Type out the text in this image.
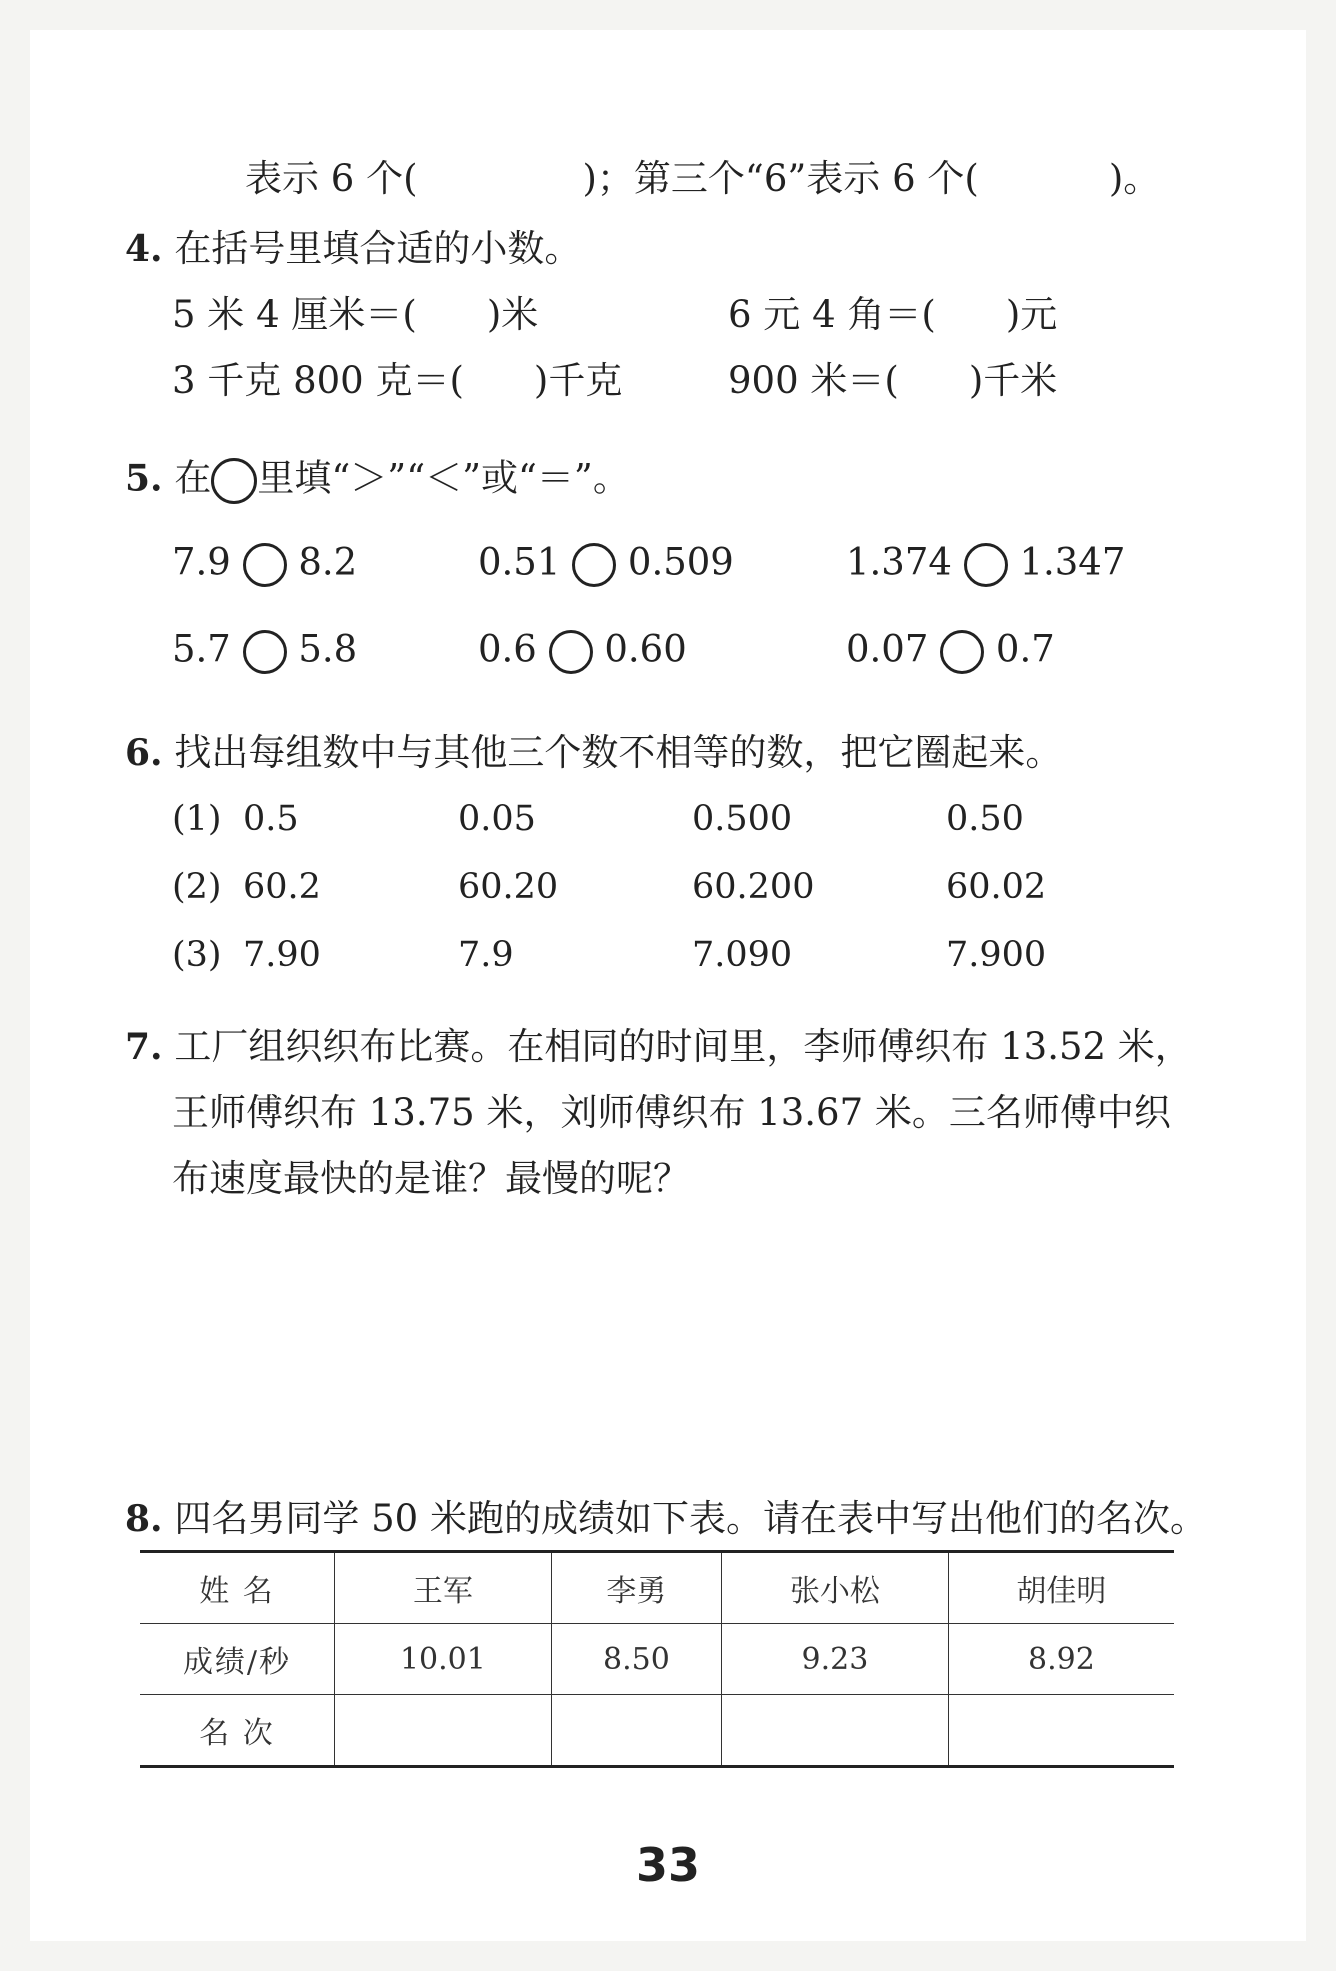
表示 6 个(	)；第三个“6”表示 6 个(	)。
4. 在括号里填合适的小数。
5 米 4 厘米＝( )米	6 元 4 角＝( )元
3 千克 800 克＝( )千克	900 米＝( )千米
5. 在 里填“＞”“＜”或“＝”。
7.9 8.2	0.51 0.509	1.374 1.347
5.7 5.8	0.6 0.60	0.07 0.7
6. 找出每组数中与其他三个数不相等的数，把它圈起来。
(1) 0.5	0.05	0.500	0.50
(2) 60.2	60.20	60.200	60.02
(3) 7.90	7.9	7.090	7.900
7. 工厂组织织布比赛。在相同的时间里，李师傅织布 13.52 米，
王师傅织布 13.75 米，刘师傅织布 13.67 米。三名师傅中织
布速度最快的是谁？最慢的呢？
8. 四名男同学 50 米跑的成绩如下表。请在表中写出他们的名次。
姓 名	王军	李勇	张小松	胡佳明
成绩/秒	10.01	8.50	9.23	8.92
名 次				
33
